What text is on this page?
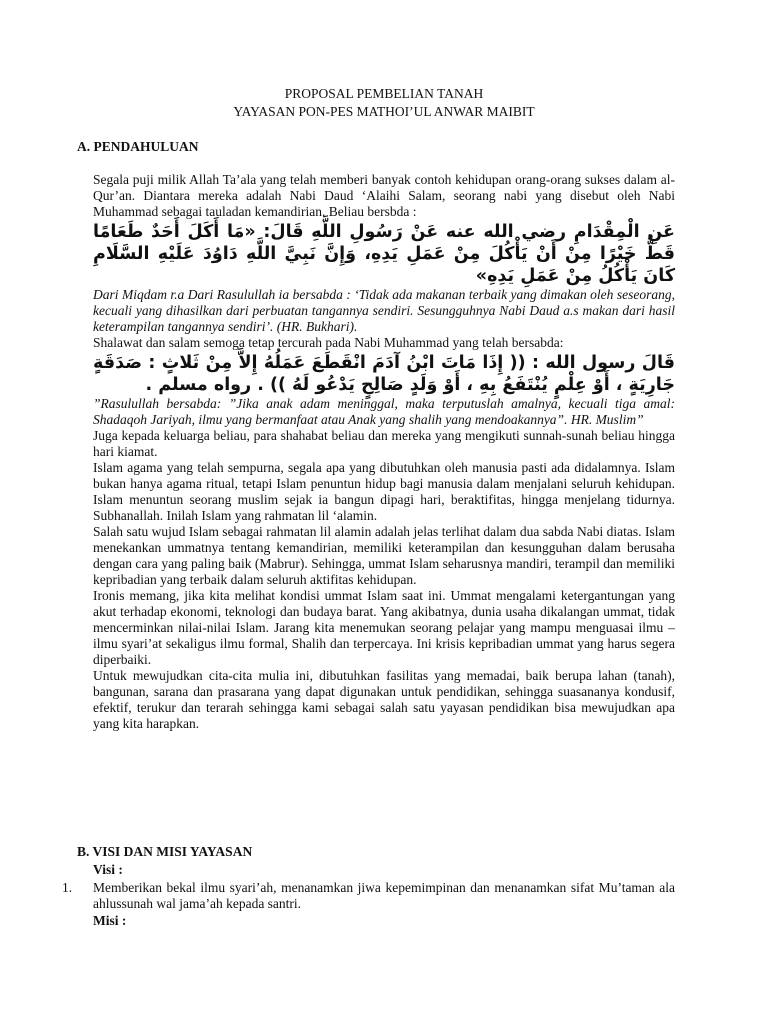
PROPOSAL PEMBELIAN TANAH
YAYASAN PON-PES MATHOI’UL ANWAR MAIBIT
A. PENDAHULUAN

Segala puji milik Allah Ta’ala yang telah memberi banyak contoh kehidupan orang-orang sukses dalam al-Qur’an. Diantara mereka adalah Nabi Daud ‘Alaihi Salam, seorang nabi yang disebut oleh Nabi Muhammad sebagai tauladan kemandirian. Beliau bersbda :

عَنِ الْمِقْدَامِ رضي الله عنه عَنْ رَسُولِ اللَّهِ قَالَ: «مَا أَكَلَ أَحَدٌ طَعَامًا قَطُّ خَيْرًا مِنْ أَنْ يَأْكُلَ مِنْ عَمَلِ يَدِهِ، وَإِنَّ نَبِيَّ اللَّهِ دَاوُدَ عَلَيْهِ السَّلَامِ كَانَ يَأْكُلُ مِنْ عَمَلِ يَدِهِ»

Dari Miqdam r.a Dari Rasulullah ia bersabda : ‘Tidak ada makanan terbaik yang dimakan oleh seseorang, kecuali yang dihasilkan dari perbuatan tangannya sendiri. Sesungguhnya Nabi Daud a.s makan dari hasil keterampilan tangannya sendiri’. (HR. Bukhari).

Shalawat dan salam semoga tetap tercurah pada Nabi Muhammad yang telah bersabda:

قَالَ رسول الله : (( إِذَا مَاتَ ابْنُ آدَمَ انْقَطَعَ عَمَلُهُ إِلاَّ مِنْ ثَلاثٍ : صَدَقَةٍ جَارِيَةٍ ، أَوْ عِلْمٍ يُنْتَفَعُ بِهِ ، أَوْ وَلَدٍ صَالِحٍ يَدْعُو لَهُ )) . رواه مسلم .

”Rasulullah bersabda: ”Jika anak adam meninggal, maka terputuslah amalnya, kecuali tiga amal: Shadaqoh Jariyah, ilmu yang bermanfaat atau Anak yang shalih yang mendoakannya”. HR. Muslim”

Juga kepada keluarga beliau, para shahabat beliau dan mereka yang mengikuti sunnah-sunah beliau hingga hari kiamat.

Islam agama yang telah sempurna, segala apa yang dibutuhkan oleh manusia pasti ada didalamnya. Islam bukan hanya agama ritual, tetapi Islam penuntun hidup bagi manusia dalam menjalani seluruh kehidupan. Islam menuntun seorang muslim sejak ia bangun dipagi hari, beraktifitas, hingga menjelang tidurnya. Subhanallah. Inilah Islam yang rahmatan lil ‘alamin.

Salah satu wujud Islam sebagai rahmatan lil alamin adalah jelas terlihat dalam dua sabda Nabi diatas. Islam menekankan ummatnya tentang kemandirian, memiliki keterampilan dan kesungguhan dalam berusaha dengan cara yang paling baik (Mabrur). Sehingga, ummat Islam seharusnya mandiri, terampil dan memiliki kepribadian yang terbaik dalam seluruh aktifitas kehidupan.

Ironis memang, jika kita melihat kondisi ummat Islam saat ini. Ummat mengalami ketergantungan yang akut terhadap ekonomi, teknologi dan budaya barat. Yang akibatnya, dunia usaha dikalangan ummat, tidak mencerminkan nilai-nilai Islam. Jarang kita menemukan seorang pelajar yang mampu menguasai ilmu – ilmu syari’at sekaligus ilmu formal, Shalih dan terpercaya. Ini krisis kepribadian ummat yang harus segera diperbaiki.

Untuk mewujudkan cita-cita mulia ini, dibutuhkan fasilitas yang memadai, baik berupa lahan (tanah), bangunan, sarana dan prasarana yang dapat digunakan untuk pendidikan, sehingga suasananya kondusif, efektif, terukur dan terarah sehingga kami sebagai salah satu yayasan pendidikan bisa mewujudkan apa yang kita harapkan.

B. VISI DAN MISI YAYASAN
Visi :
1. Memberikan bekal ilmu syari’ah, menanamkan jiwa kepemimpinan dan menanamkan sifat Mu’taman ala ahlussunah wal jama’ah kepada santri.
Misi :
